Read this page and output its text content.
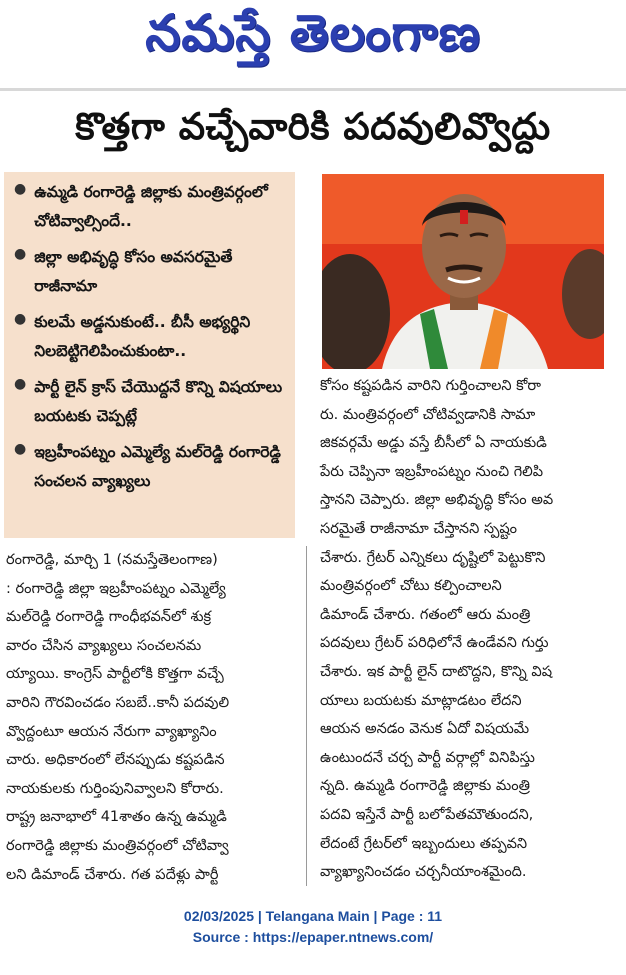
నమస్తే తెలంగాణ
కొత్తగా వచ్చేవారికి పదవులివ్వొద్దు
● ఉమ్మడి రంగారెడ్డి జిల్లాకు మంత్రివర్గంలో చోటివ్వాల్సిందే..
● జిల్లా అభివృద్ధి కోసం అవసరమైతే రాజీనామా
● కులమే అడ్డనుకుంటే.. బీసీ అభ్యర్థిని నిలబెట్టిగెలిపించుకుంటా..
● పార్టీ లైన్ క్రాస్ చేయొద్దనే కొన్ని విషయాలు బయటకు చెప్పట్లే
● ఇబ్రహీంపట్నం ఎమ్మెల్యే మల్‌రెడ్డి రంగారెడ్డి సంచలన వ్యాఖ్యలు
రంగారెడ్డి, మార్చి 1 (నమస్తేతెలంగాణ)
: రంగారెడ్డి జిల్లా ఇబ్రహీంపట్నం ఎమ్మెల్యే
మల్‌రెడ్డి రంగారెడ్డి గాంధీభవన్‌లో శుక్ర
వారం చేసిన వ్యాఖ్యలు సంచలనమ
య్యాయి. కాంగ్రెస్ పార్టీలోకి కొత్తగా వచ్చే
వారిని గౌరవించడం సబబే..కానీ పదవులి
వ్వొద్దంటూ ఆయన నేరుగా వ్యాఖ్యానిం
చారు. అధికారంలో లేనప్పుడు కష్టపడిన
నాయకులకు గుర్తింపునివ్వాలని కోరారు.
రాష్ట్ర జనాభాలో 41శాతం ఉన్న ఉమ్మడి
రంగారెడ్డి జిల్లాకు మంత్రివర్గంలో చోటివ్వా
లని డిమాండ్ చేశారు. గత పదేళ్లు పార్టీ
కోసం కష్టపడిన వారిని గుర్తించాలని కోరా
రు. మంత్రివర్గంలో చోటివ్వడానికి సామా
జికవర్గమే అడ్డు వస్తే బీసీలో ఏ నాయకుడి
పేరు చెప్పినా ఇబ్రహీంపట్నం నుంచి గెలిపి
స్తానని చెప్పారు. జిల్లా అభివృద్ధి కోసం అవ
సరమైతే రాజీనామా చేస్తానని స్పష్టం
చేశారు. గ్రేటర్ ఎన్నికలు దృష్టిలో పెట్టుకొని
మంత్రివర్గంలో చోటు కల్పించాలని
డిమాండ్ చేశారు. గతంలో ఆరు మంత్రి
పదవులు గ్రేటర్ పరిధిలోనే ఉండేవని గుర్తు
చేశారు. ఇక పార్టీ లైన్ దాటొద్దని, కొన్ని విష
యాలు బయటకు మాట్లాడటం లేదని
ఆయన అనడం వెనుక ఏదో విషయమే
ఉంటుందనే చర్చ పార్టీ వర్గాల్లో వినిపిస్తు
న్నది. ఉమ్మడి రంగారెడ్డి జిల్లాకు మంత్రి
పదవి ఇస్తేనే పార్టీ బలోపేతమౌతుందని,
లేదంటే గ్రేటర్‌లో ఇబ్బందులు తప్పవని
వ్యాఖ్యానించడం చర్చనీయాంశమైంది.
02/03/2025 | Telangana Main | Page : 11
Source : https://epaper.ntnews.com/
